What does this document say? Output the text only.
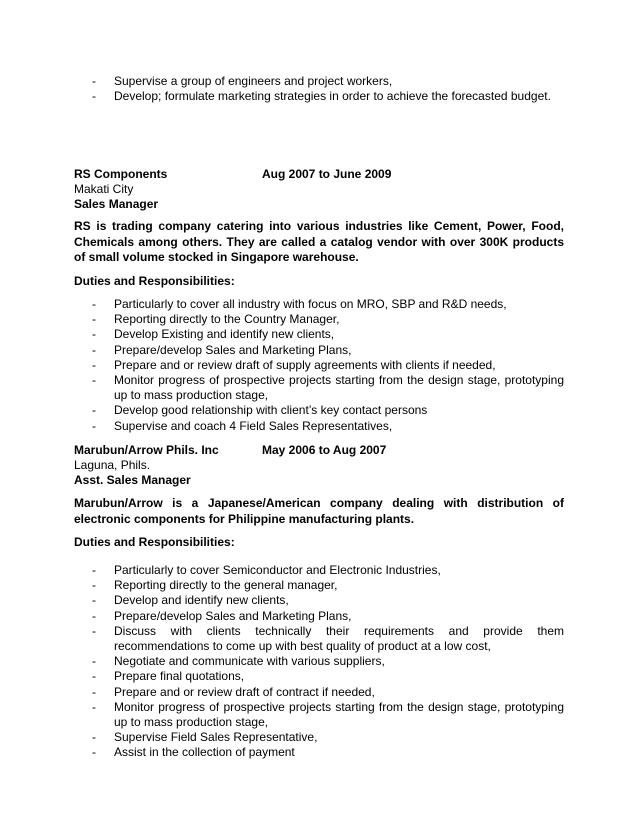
- Supervise a group of engineers and project workers,
- Develop; formulate marketing strategies in order to achieve the forecasted budget.
RS Components	Aug 2007 to June 2009
Makati City
Sales Manager
RS is trading company catering into various industries like Cement, Power, Food, Chemicals among others. They are called a catalog vendor with over 300K products of small volume stocked in Singapore warehouse.
Duties and Responsibilities:
- Particularly to cover all industry with focus on MRO, SBP and R&D needs,
- Reporting directly to the Country Manager,
- Develop Existing and identify new clients,
- Prepare/develop Sales and Marketing Plans,
- Prepare and or review draft of supply agreements with clients if needed,
- Monitor progress of prospective projects starting from the design stage, prototyping up to mass production stage,
- Develop good relationship with client’s key contact persons
- Supervise and coach 4 Field Sales Representatives,
Marubun/Arrow Phils. Inc	May 2006 to Aug 2007
Laguna, Phils.
Asst. Sales Manager
Marubun/Arrow is a Japanese/American company dealing with distribution of electronic components for Philippine manufacturing plants.
Duties and Responsibilities:
- Particularly to cover Semiconductor and Electronic Industries,
- Reporting directly to the general manager,
- Develop and identify new clients,
- Prepare/develop Sales and Marketing Plans,
- Discuss with clients technically their requirements and provide them recommendations to come up with best quality of product at a low cost,
- Negotiate and communicate with various suppliers,
- Prepare final quotations,
- Prepare and or review draft of contract if needed,
- Monitor progress of prospective projects starting from the design stage, prototyping up to mass production stage,
- Supervise Field Sales Representative,
- Assist in the collection of payment
